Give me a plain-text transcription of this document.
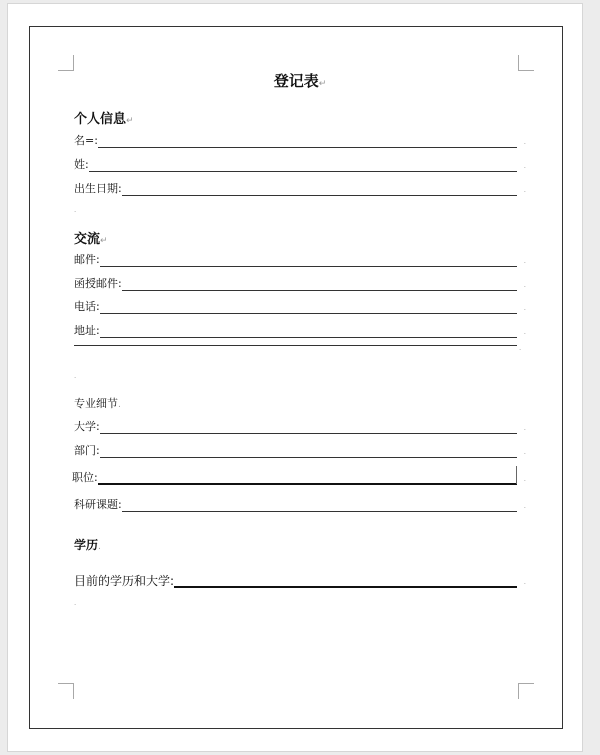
登记表↵
个人信息↵
名=:	.
姓:	.
出生日期:	.
.
交流↵
邮件:	.
函授邮件:	.
电话:	.
地址:	.
.
.
专业细节.
大学:	.
部门:	.
职位:	.
科研课题:	.
学历.
目前的学历和大学:	.
.
